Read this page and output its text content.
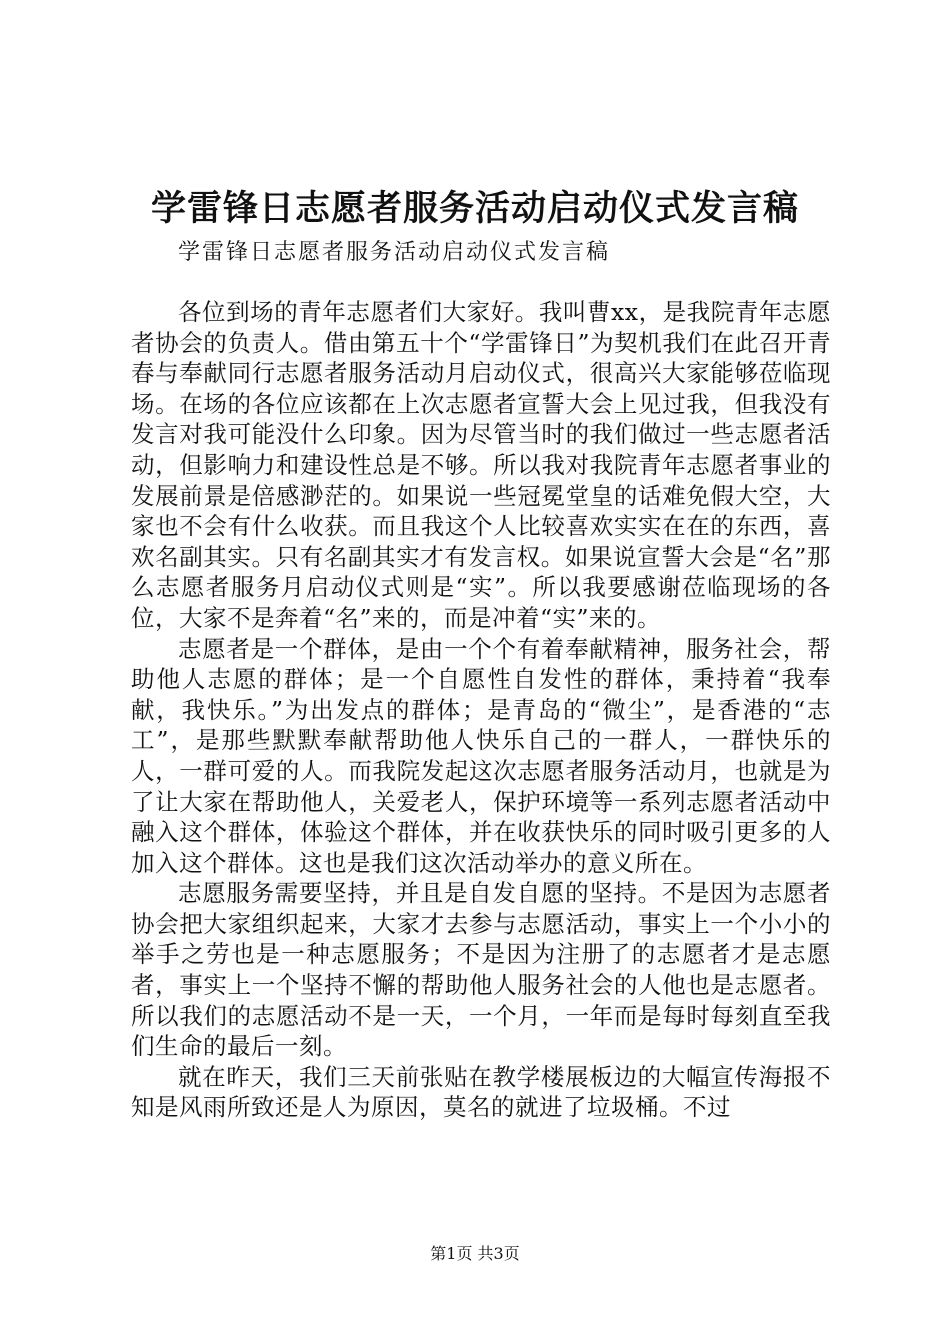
学雷锋日志愿者服务活动启动仪式发言稿
学雷锋日志愿者服务活动启动仪式发言稿

各位到场的青年志愿者们大家好。我叫曹xx，是我院青年志愿者协会的负责人。借由第五十个“学雷锋日”为契机我们在此召开青春与奉献同行志愿者服务活动月启动仪式，很高兴大家能够莅临现场。在场的各位应该都在上次志愿者宣誓大会上见过我，但我没有发言对我可能没什么印象。因为尽管当时的我们做过一些志愿者活动，但影响力和建设性总是不够。所以我对我院青年志愿者事业的发展前景是倍感渺茫的。如果说一些冠冕堂皇的话难免假大空，大家也不会有什么收获。而且我这个人比较喜欢实实在在的东西，喜欢名副其实。只有名副其实才有发言权。如果说宣誓大会是“名”那么志愿者服务月启动仪式则是“实”。所以我要感谢莅临现场的各位，大家不是奔着“名”来的，而是冲着“实”来的。

志愿者是一个群体，是由一个个有着奉献精神，服务社会，帮助他人志愿的群体；是一个自愿性自发性的群体，秉持着“我奉献，我快乐。”为出发点的群体；是青岛的“微尘”，是香港的“志工”，是那些默默奉献帮助他人快乐自己的一群人，一群快乐的人，一群可爱的人。而我院发起这次志愿者服务活动月，也就是为了让大家在帮助他人，关爱老人，保护环境等一系列志愿者活动中融入这个群体，体验这个群体，并在收获快乐的同时吸引更多的人加入这个群体。这也是我们这次活动举办的意义所在。

志愿服务需要坚持，并且是自发自愿的坚持。不是因为志愿者协会把大家组织起来，大家才去参与志愿活动，事实上一个小小的举手之劳也是一种志愿服务；不是因为注册了的志愿者才是志愿者，事实上一个坚持不懈的帮助他人服务社会的人他也是志愿者。所以我们的志愿活动不是一天，一个月，一年而是每时每刻直至我们生命的最后一刻。

就在昨天，我们三天前张贴在教学楼展板边的大幅宣传海报不知是风雨所致还是人为原因，莫名的就进了垃圾桶。不过

第1页 共3页
